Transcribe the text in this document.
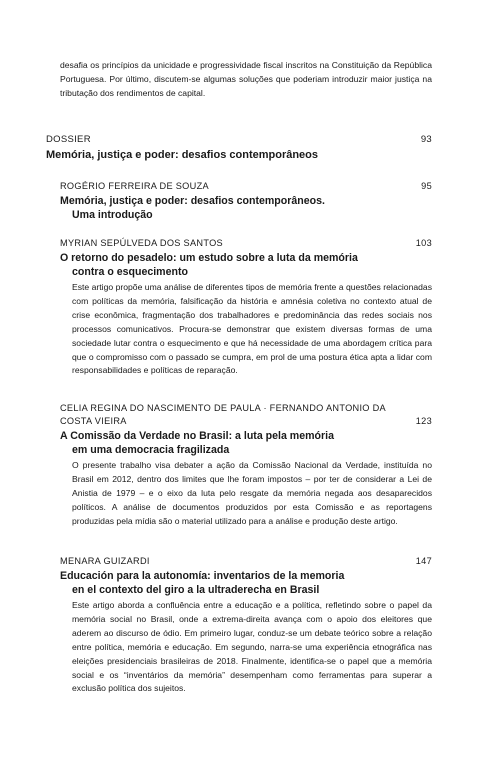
desafia os princípios da unicidade e progressividade fiscal inscritos na Constituição da República Portuguesa. Por último, discutem-se algumas soluções que poderiam introduzir maior justiça na tributação dos rendimentos de capital.

DOSSIER	93
Memória, justiça e poder: desafios contemporâneos
ROGÉRIO FERREIRA DE SOUZA	95
Memória, justiça e poder: desafios contemporâneos.
Uma introdução
MYRIAN SEPÚLVEDA DOS SANTOS	103
O retorno do pesadelo: um estudo sobre a luta da memória
contra o esquecimento

Este artigo propõe uma análise de diferentes tipos de memória frente a questões relacionadas com políticas da memória, falsificação da história e amnésia coletiva no contexto atual de crise econômica, fragmentação dos trabalhadores e predominância das redes sociais nos processos comunicativos. Procura-se demonstrar que existem diversas formas de uma sociedade lutar contra o esquecimento e que há necessidade de uma abordagem crítica para que o compromisso com o passado se cumpra, em prol de uma postura ética apta a lidar com responsabilidades e políticas de reparação.

CELIA REGINA DO NASCIMENTO DE PAULA · FERNANDO ANTONIO DA COSTA VIEIRA	123
A Comissão da Verdade no Brasil: a luta pela memória
em uma democracia fragilizada

O presente trabalho visa debater a ação da Comissão Nacional da Verdade, instituída no Brasil em 2012, dentro dos limites que lhe foram impostos – por ter de considerar a Lei de Anistia de 1979 – e o eixo da luta pelo resgate da memória negada aos desaparecidos políticos. A análise de documentos produzidos por esta Comissão e as reportagens produzidas pela mídia são o material utilizado para a análise e produção deste artigo.

MENARA GUIZARDI	147
Educación para la autonomía: inventarios de la memoria
en el contexto del giro a la ultraderecha en Brasil

Este artigo aborda a confluência entre a educação e a política, refletindo sobre o papel da memória social no Brasil, onde a extrema-direita avança com o apoio dos eleitores que aderem ao discurso de ódio. Em primeiro lugar, conduz-se um debate teórico sobre a relação entre política, memória e educação. Em segundo, narra-se uma experiência etnográfica nas eleições presidenciais brasileiras de 2018. Finalmente, identifica-se o papel que a memória social e os “inventários da memória” desempenham como ferramentas para superar a exclusão política dos sujeitos.
